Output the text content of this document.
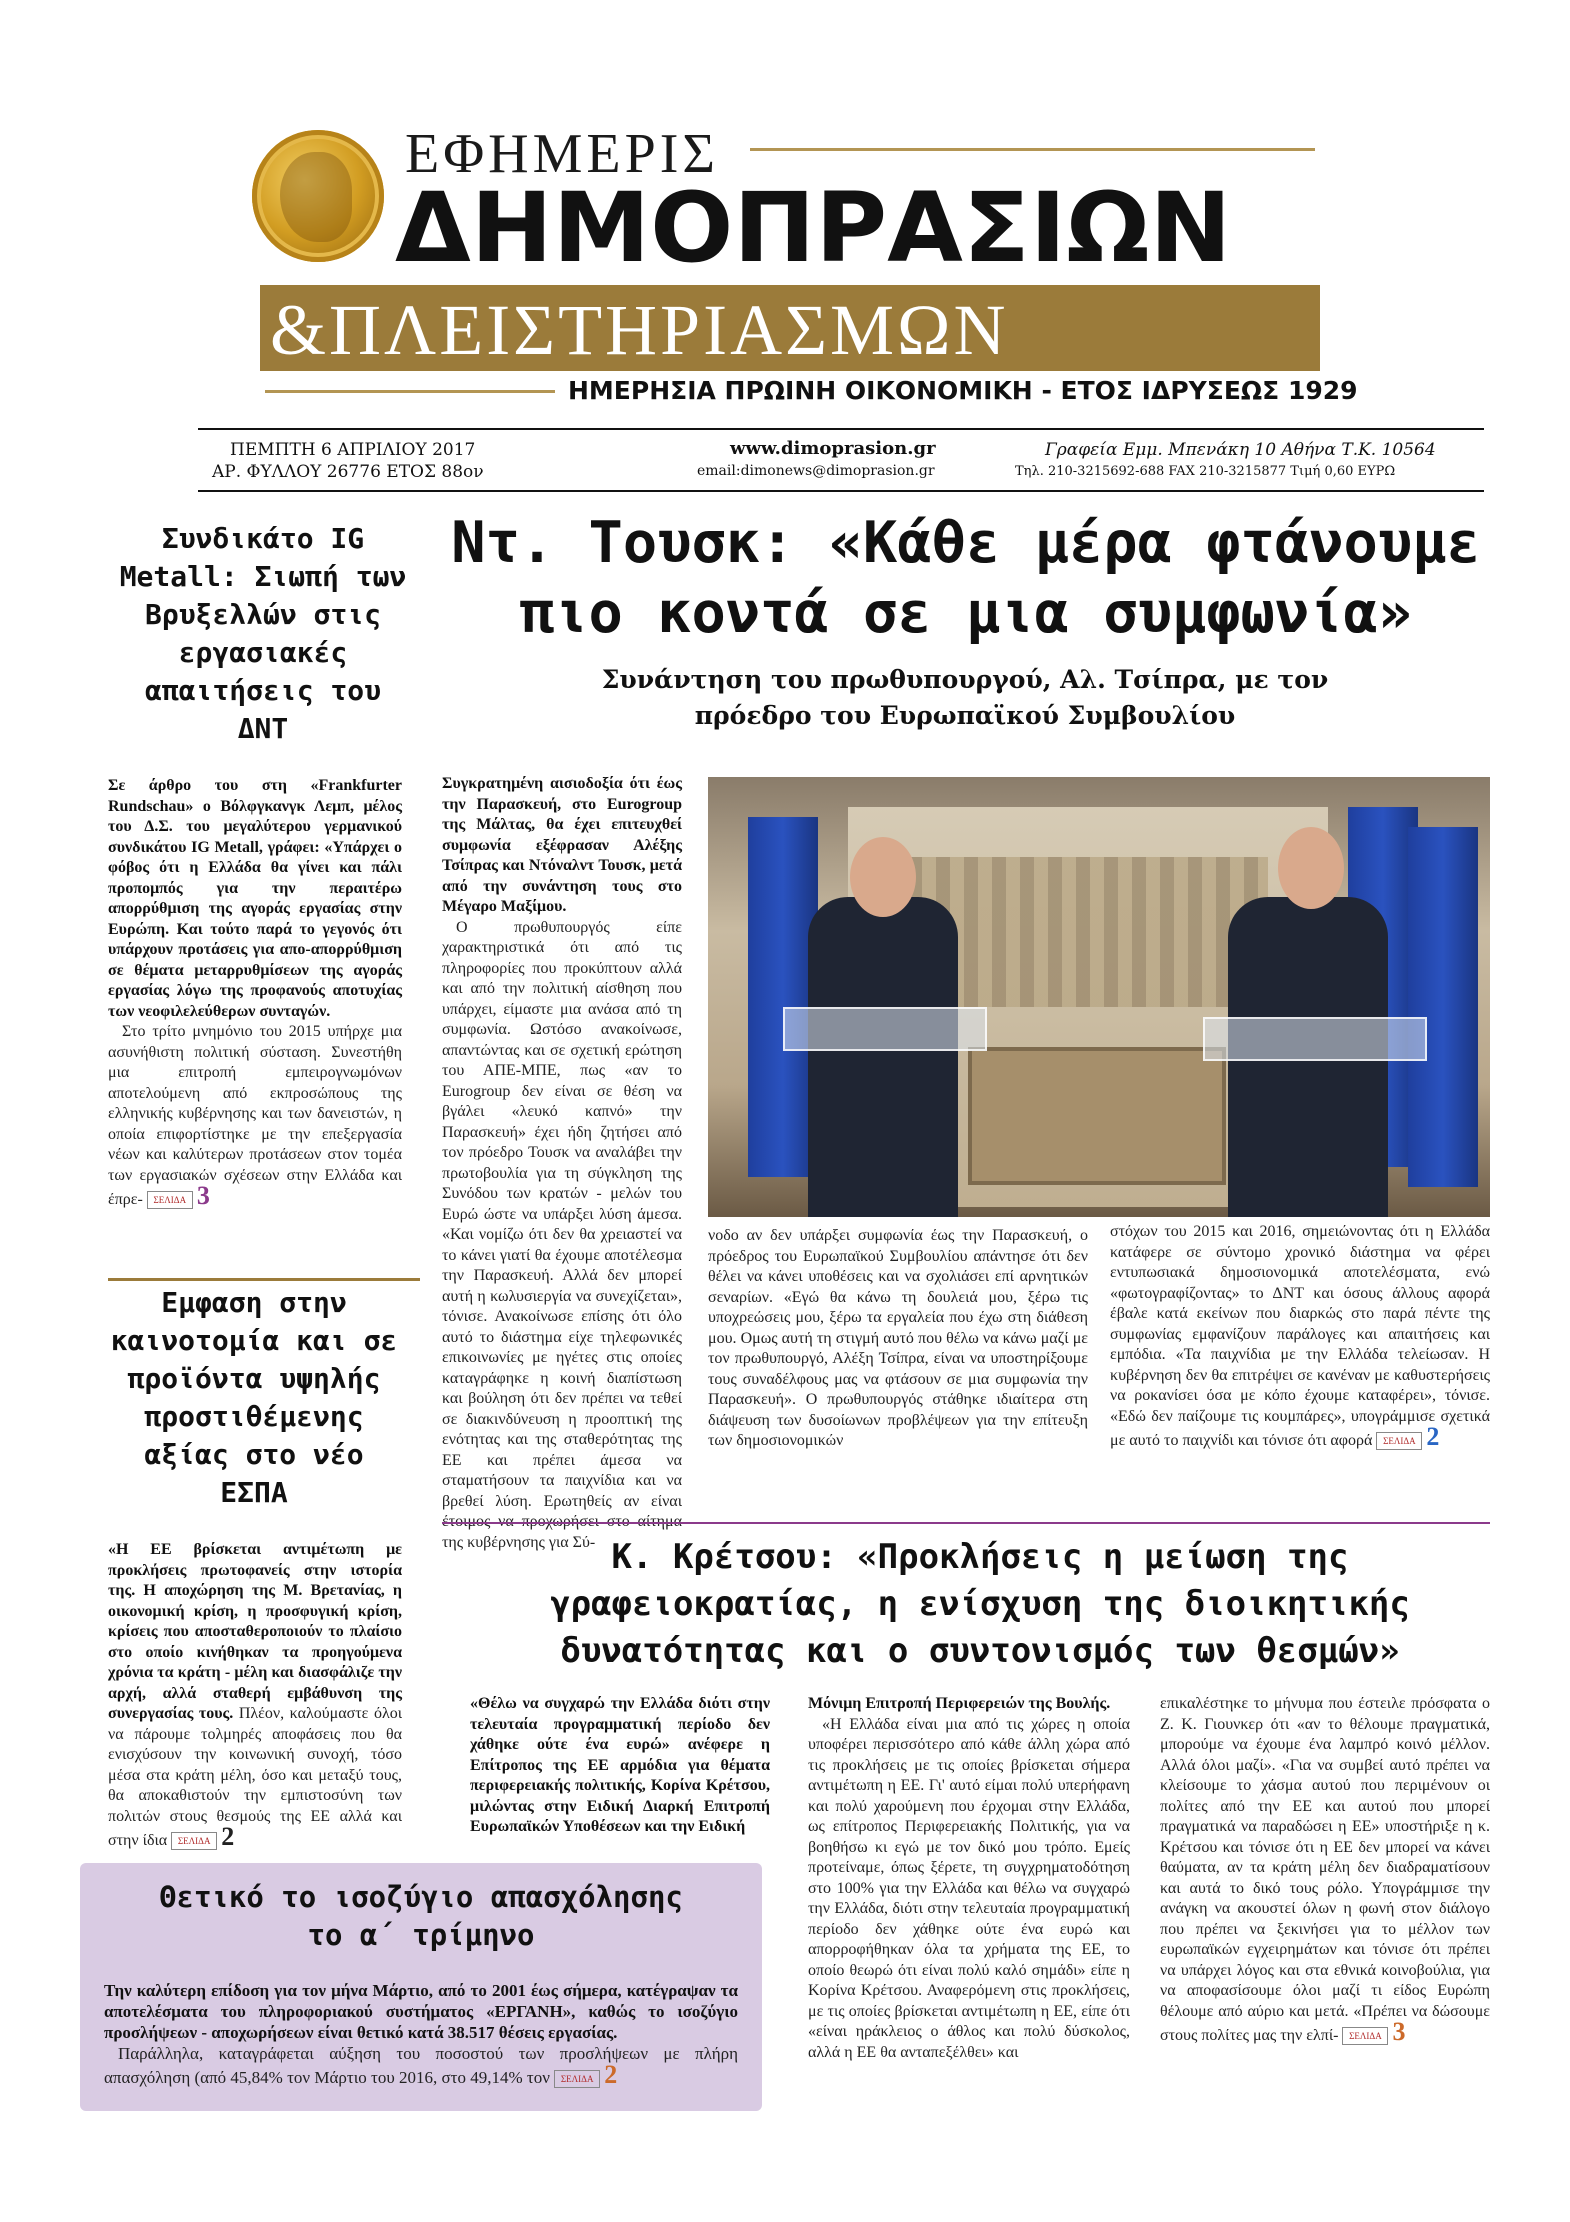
ΕΦΗΜΕΡΙΣ
ΔΗΜΟΠΡΑΣΙΩΝ
&ΠΛΕΙΣΤΗΡΙΑΣΜΩΝ
ΗΜΕΡΗΣΙΑ ΠΡΩΙΝΗ ΟΙΚΟΝΟΜΙΚΗ - ΕΤΟΣ ΙΔΡΥΣΕΩΣ 1929
ΠΕΜΠΤΗ 6 ΑΠΡΙΛΙΟΥ 2017
ΑΡ. ΦΥΛΛΟΥ 26776 ΕΤΟΣ 88ον
www.dimoprasion.gr
email:dimonews@dimoprasion.gr
Γραφεία Εμμ. Μπενάκη 10 Αθήνα Τ.Κ. 10564
Τηλ. 210-3215692-688 FAX 210-3215877 Τιμή 0,60 ΕΥΡΩ
Συνδικάτο IG
Metall: Σιωπή των
Βρυξελλών στις
εργασιακές
απαιτήσεις του
ΔΝΤ
Σε άρθρο του στη «Frankfurter Rundschau» ο Βόλφγκανγκ Λεμπ, μέλος του Δ.Σ. του μεγαλύτερου γερμανικού συνδικάτου IG Metall, γράφει: «Υπάρχει ο φόβος ότι η Ελλάδα θα γίνει και πάλι προπομπός για την περαιτέρω απορρύθμιση της αγοράς εργασίας στην Ευρώπη. Και τούτο παρά το γεγονός ότι υπάρχουν προτάσεις για απο-απορρύθμιση σε θέματα μεταρρυθμίσεων της αγοράς εργασίας λόγω της προφανούς αποτυχίας των νεοφιλελεύθερων συνταγών.
Στο τρίτο μνημόνιο του 2015 υπήρχε μια ασυνήθιστη πολιτική σύσταση. Συνεστήθη μια επιτροπή εμπειρογνωμόνων αποτελούμενη από εκπροσώπους της ελληνικής κυβέρνησης και των δανειστών, η οποία επιφορτίστηκε με την επεξεργασία νέων και καλύτερων προτάσεων στον τομέα των εργασιακών σχέσεων στην Ελλάδα και έπρε- ΣΕΛΙΔΑ 3
Εμφαση στην
καινοτομία και σε
προϊόντα υψηλής
προστιθέμενης
αξίας στο νέο
ΕΣΠΑ
«Η ΕΕ βρίσκεται αντιμέτωπη με προκλήσεις πρωτοφανείς στην ιστορία της. Η αποχώρηση της Μ. Βρετανίας, η οικονομική κρίση, η προσφυγική κρίση, κρίσεις που αποσταθεροποιούν το πλαίσιο στο οποίο κινήθηκαν τα προηγούμενα χρόνια τα κράτη - μέλη και διασφάλιζε την αρχή, αλλά σταθερή εμβάθυνση της συνεργασίας τους. Πλέον, καλούμαστε όλοι να πάρουμε τολμηρές αποφάσεις που θα ενισχύσουν την κοινωνική συνοχή, τόσο μέσα στα κράτη μέλη, όσο και μεταξύ τους, θα αποκαθιστούν την εμπιστοσύνη των πολιτών στους θεσμούς της ΕΕ αλλά και στην ίδια ΣΕΛΙΔΑ 2
Ντ. Τουσκ: «Κάθε μέρα φτάνουμε
πιο κοντά σε μια συμφωνία»
Συνάντηση του πρωθυπουργού, Αλ. Τσίπρα, με τον
πρόεδρο του Ευρωπαϊκού Συμβουλίου
Συγκρατημένη αισιοδοξία ότι έως την Παρασκευή, στο Eurogroup της Μάλτας, θα έχει επιτευχθεί συμφωνία εξέφρασαν Αλέξης Τσίπρας και Ντόναλντ Τουσκ, μετά από την συνάντηση τους στο Μέγαρο Μαξίμου.
Ο πρωθυπουργός είπε χαρακτηριστικά ότι από τις πληροφορίες που προκύπτουν αλλά και από την πολιτική αίσθηση που υπάρχει, είμαστε μια ανάσα από τη συμφωνία. Ωστόσο ανακοίνωσε, απαντώντας και σε σχετική ερώτηση του ΑΠΕ-ΜΠΕ, πως «αν το Eurogroup δεν είναι σε θέση να βγάλει «λευκό καπνό» την Παρασκευή» έχει ήδη ζητήσει από τον πρόεδρο Τουσκ να αναλάβει την πρωτοβουλία για τη σύγκληση της Συνόδου των κρατών - μελών του Ευρώ ώστε να υπάρξει λύση άμεσα. «Και νομίζω ότι δεν θα χρειαστεί να το κάνει γιατί θα έχουμε αποτέλεσμα την Παρασκευή. Αλλά δεν μπορεί αυτή η κωλυσιεργία να συνεχίζεται», τόνισε. Ανακοίνωσε επίσης ότι όλο αυτό το διάστημα είχε τηλεφωνικές επικοινωνίες με ηγέτες στις οποίες καταγράφηκε η κοινή διαπίστωση και βούληση ότι δεν πρέπει να τεθεί σε διακινδύνευση η προοπτική της ενότητας και της σταθερότητας της ΕΕ και πρέπει άμεσα να σταματήσουν τα παιχνίδια και να βρεθεί λύση. Ερωτηθείς αν είναι της κυβέρνησης για Σύ-
νοδο αν δεν υπάρξει συμφωνία έως την Παρασκευή, ο πρόεδρος του Ευρωπαϊκού Συμβουλίου απάντησε ότι δεν θέλει να κάνει υποθέσεις και να σχολιάσει επί αρνητικών σεναρίων. «Εγώ θα κάνω τη δουλειά μου, ξέρω τις υποχρεώσεις μου, ξέρω τα εργαλεία που έχω στη διάθεση μου. Ομως αυτή τη στιγμή αυτό που θέλω να κάνω μαζί με τον πρωθυπουργό, Αλέξη Τσίπρα, είναι να υποστηρίξουμε τους συναδέλφους μας να φτάσουν σε μια συμφωνία την Παρασκευή». Ο πρωθυπουργός στάθηκε ιδιαίτερα στη διάψευση των δυσοίωνων προβλέψεων για την επίτευξη των δημοσιονομικών
στόχων του 2015 και 2016, σημειώνοντας ότι η Ελλάδα κατάφερε σε σύντομο χρονικό διάστημα να φέρει εντυπωσιακά δημοσιονομικά αποτελέσματα, ενώ «φωτογραφίζοντας» το ΔΝΤ και όσους άλλους αφορά έβαλε κατά εκείνων που διαρκώς στο παρά πέντε της συμφωνίας εμφανίζουν παράλογες και απαιτήσεις και εμπόδια. «Τα παιχνίδια με την Ελλάδα τελείωσαν. Η κυβέρνηση δεν θα επιτρέψει σε κανέναν με καθυστερήσεις να ροκανίσει όσα με κόπο έχουμε καταφέρει», τόνισε. «Εδώ δεν παίζουμε τις κουμπάρες», υπογράμμισε σχετικά με αυτό το παιχνίδι και τόνισε ότι αφορά ΣΕΛΙΔΑ 2
Κ. Κρέτσου: «Προκλήσεις η μείωση της
γραφειοκρατίας, η ενίσχυση της διοικητικής
δυνατότητας και ο συντονισμός των θεσμών»
«Θέλω να συγχαρώ την Ελλάδα διότι στην τελευταία προγραμματική περίοδο δεν χάθηκε ούτε ένα ευρώ» ανέφερε η Επίτροπος της ΕΕ αρμόδια για θέματα περιφερειακής πολιτικής, Κορίνα Κρέτσου, μιλώντας στην Ειδική Διαρκή Επιτροπή Ευρωπαϊκών Υποθέσεων και την Ειδική
Μόνιμη Επιτροπή Περιφερειών της Βουλής.
«Η Ελλάδα είναι μια από τις χώρες η οποία υποφέρει περισσότερο από κάθε άλλη χώρα από τις προκλήσεις με τις οποίες βρίσκεται σήμερα αντιμέτωπη η ΕΕ. Γι' αυτό είμαι πολύ υπερήφανη και πολύ χαρούμενη που έρχομαι στην Ελλάδα, ως επίτροπος Περιφερειακής Πολιτικής, για να βοηθήσω κι εγώ με τον δικό μου τρόπο. Εμείς προτείναμε, όπως ξέρετε, τη συγχρηματοδότηση στο 100% για την Ελλάδα και θέλω να συγχαρώ την Ελλάδα, διότι στην τελευταία προγραμματική περίοδο δεν χάθηκε ούτε ένα ευρώ και απορροφήθηκαν όλα τα χρήματα της ΕΕ, το οποίο θεωρώ ότι είναι πολύ καλό σημάδι» είπε η Κορίνα Κρέτσου. Αναφερόμενη στις προκλήσεις, με τις οποίες βρίσκεται αντιμέτωπη η ΕΕ, είπε ότι «είναι ηράκλειος ο άθλος και πολύ δύσκολος, αλλά η ΕΕ θα ανταπεξέλθει» και
επικαλέστηκε το μήνυμα που έστειλε πρόσφατα ο Ζ. Κ. Γιουνκερ ότι «αν το θέλουμε πραγματικά, μπορούμε να έχουμε ένα λαμπρό κοινό μέλλον. Αλλά όλοι μαζί». «Για να συμβεί αυτό πρέπει να κλείσουμε το χάσμα αυτού που περιμένουν οι πολίτες από την ΕΕ και αυτού που μπορεί πραγματικά να παραδώσει η ΕΕ» υποστήριξε η κ. Κρέτσου και τόνισε ότι η ΕΕ δεν μπορεί να κάνει θαύματα, αν τα κράτη μέλη δεν διαδραματίσουν και αυτά το δικό τους ρόλο. Υπογράμμισε την ανάγκη να ακουστεί όλων η φωνή στον διάλογο που πρέπει να ξεκινήσει για το μέλλον των ευρωπαϊκών εγχειρημάτων και τόνισε ότι πρέπει να υπάρχει λόγος και στα εθνικά κοινοβούλια, για να αποφασίσουμε όλοι μαζί τι είδος Ευρώπη θέλουμε από αύριο και μετά. «Πρέπει να δώσουμε στους πολίτες μας την ελπί- ΣΕΛΙΔΑ 3
Θετικό το ισοζύγιο απασχόλησης
το α΄ τρίμηνο
Την καλύτερη επίδοση για τον μήνα Μάρτιο, από το 2001 έως σήμερα, κατέγραψαν τα αποτελέσματα του πληροφοριακού συστήματος «ΕΡΓΑΝΗ», καθώς το ισοζύγιο προσλήψεων - αποχωρήσεων είναι θετικό κατά 38.517 θέσεις εργασίας.
Παράλληλα, καταγράφεται αύξηση του ποσοστού των προσλήψεων με πλήρη απασχόληση (από 45,84% τον Μάρτιο του 2016, στο 49,14% τον ΣΕΛΙΔΑ 2
